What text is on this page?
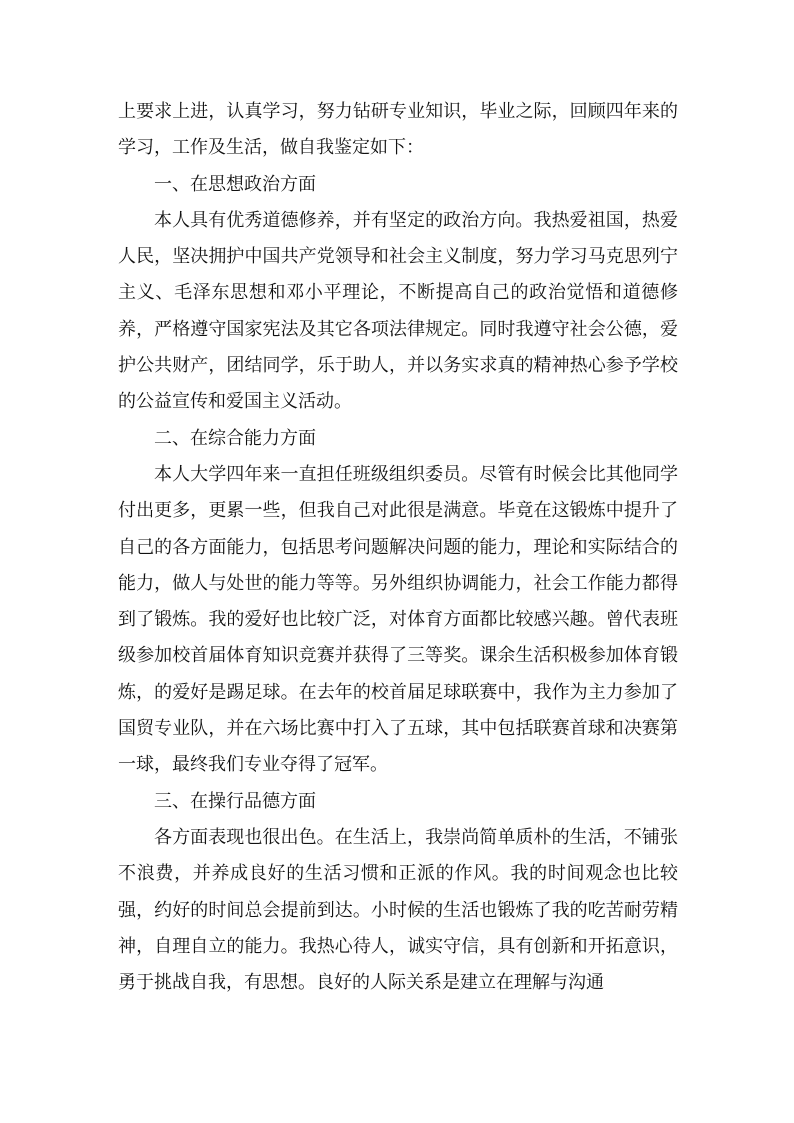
上要求上进，认真学习，努力钻研专业知识，毕业之际，回顾四年来的学习，工作及生活，做自我鉴定如下：

一、在思想政治方面

本人具有优秀道德修养，并有坚定的政治方向。我热爱祖国，热爱人民，坚决拥护中国共产党领导和社会主义制度，努力学习马克思列宁主义、毛泽东思想和邓小平理论，不断提高自己的政治觉悟和道德修养，严格遵守国家宪法及其它各项法律规定。同时我遵守社会公德，爱护公共财产，团结同学，乐于助人，并以务实求真的精神热心参予学校的公益宣传和爱国主义活动。

二、在综合能力方面

本人大学四年来一直担任班级组织委员。尽管有时候会比其他同学付出更多，更累一些，但我自己对此很是满意。毕竟在这锻炼中提升了自己的各方面能力，包括思考问题解决问题的能力，理论和实际结合的能力，做人与处世的能力等等。另外组织协调能力，社会工作能力都得到了锻炼。我的爱好也比较广泛，对体育方面都比较感兴趣。曾代表班级参加校首届体育知识竞赛并获得了三等奖。课余生活积极参加体育锻炼，的爱好是踢足球。在去年的校首届足球联赛中，我作为主力参加了国贸专业队，并在六场比赛中打入了五球，其中包括联赛首球和决赛第一球，最终我们专业夺得了冠军。

三、在操行品德方面

各方面表现也很出色。在生活上，我崇尚简单质朴的生活，不铺张不浪费，并养成良好的生活习惯和正派的作风。我的时间观念也比较强，约好的时间总会提前到达。小时候的生活也锻炼了我的吃苦耐劳精神，自理自立的能力。我热心待人，诚实守信，具有创新和开拓意识，勇于挑战自我，有思想。良好的人际关系是建立在理解与沟通
